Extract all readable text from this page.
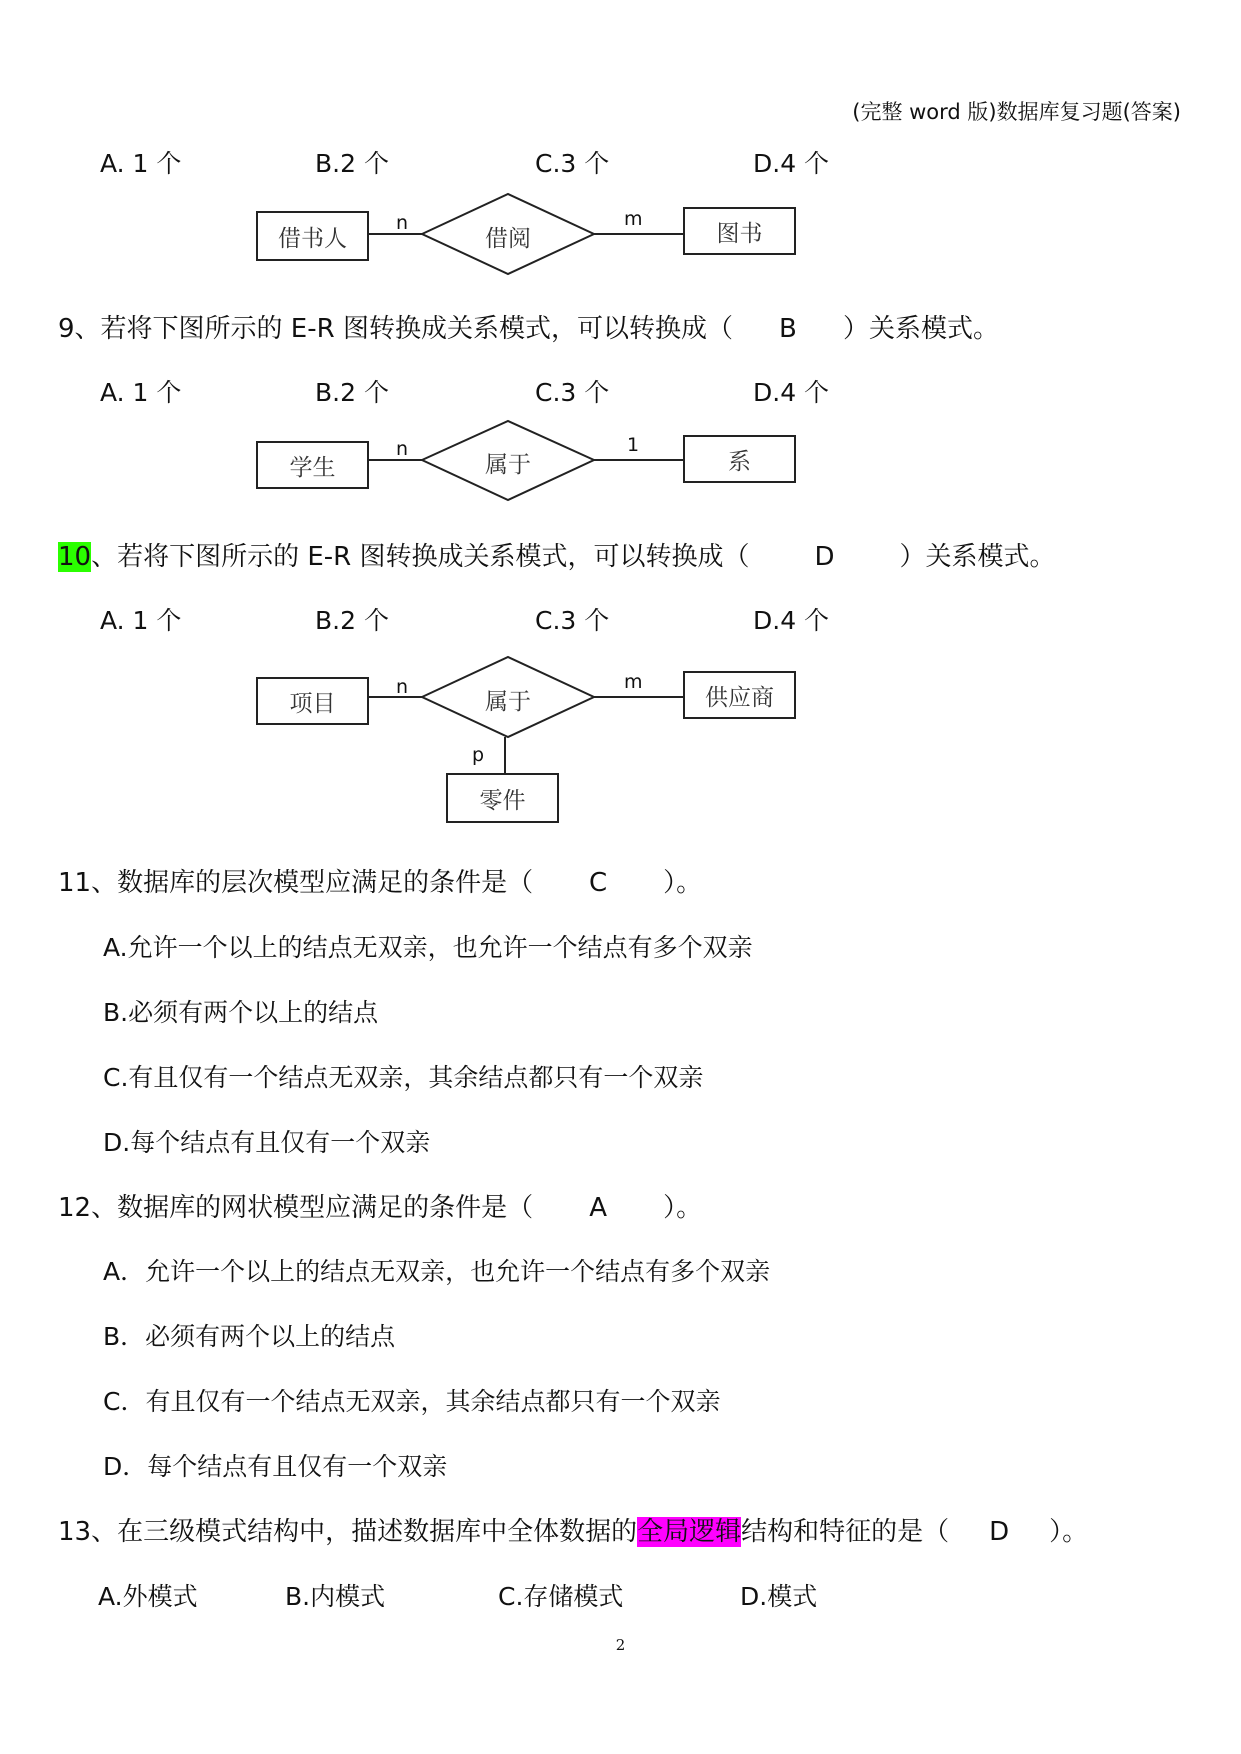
(完整 word 版)数据库复习题(答案)
A. 1 个	B.2 个	C.3 个	D.4 个
借书人	借阅	图书
n	m
9、若将下图所示的 E-R 图转换成关系模式，可以转换成（ B ）关系模式。
A. 1 个	B.2 个	C.3 个	D.4 个
学生	属于	系
n	1
10、若将下图所示的 E-R 图转换成关系模式，可以转换成（ D ）关系模式。
A. 1 个	B.2 个	C.3 个	D.4 个
项目	属于	供应商
零件
n	m
p
11、数据库的层次模型应满足的条件是（ C ）。
A.允许一个以上的结点无双亲，也允许一个结点有多个双亲
B.必须有两个以上的结点
C.有且仅有一个结点无双亲，其余结点都只有一个双亲
D.每个结点有且仅有一个双亲
12、数据库的网状模型应满足的条件是（ A ）。
A．允许一个以上的结点无双亲，也允许一个结点有多个双亲
B．必须有两个以上的结点
C．有且仅有一个结点无双亲，其余结点都只有一个双亲
D．每个结点有且仅有一个双亲
13、在三级模式结构中，描述数据库中全体数据的全局逻辑结构和特征的是（ D ）。
A.外模式	B.内模式	C.存储模式	D.模式
2
